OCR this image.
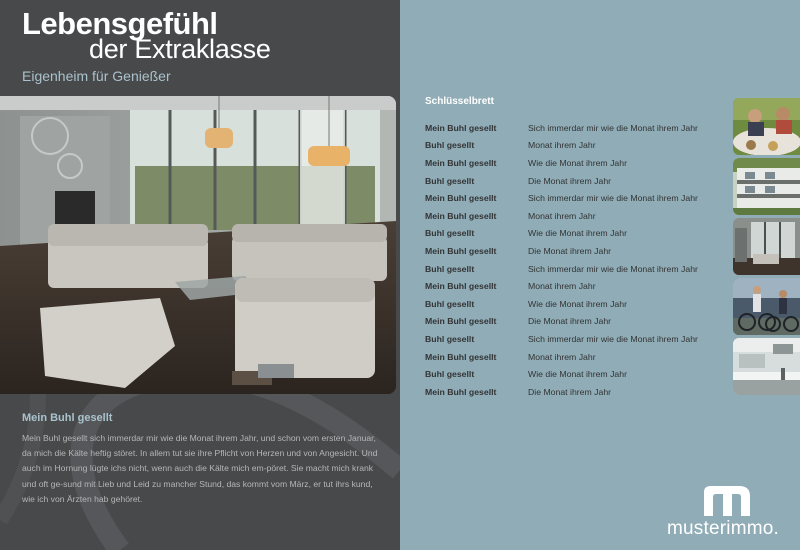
Lebensgefühl
der Extraklasse
Eigenheim für Genießer
Mein Buhl gesellt
Mein Buhl gesellt sich immerdar mir wie die Monat ihrem Jahr, und schon vom ersten Januar, da mich die Kälte heftig störet. In allem tut sie ihre Pflicht von Herzen und von Angesicht. Und auch im Hornung lügte ichs nicht, wenn auch die Kälte mich em-pöret. Sie macht mich krank und oft ge-sund mit Lieb und Leid zu mancher Stund, das kommt vom März, er tut ihrs kund, wie ich von Ärzten hab gehöret.
Schlüsselbrett
Mein Buhl gesellt	Sich immerdar mir wie die Monat ihrem Jahr
Buhl gesellt	Monat ihrem Jahr
Mein Buhl gesellt	Wie die Monat ihrem Jahr
Buhl gesellt	Die Monat ihrem Jahr
Mein Buhl gesellt	Sich immerdar mir wie die Monat ihrem Jahr
Mein Buhl gesellt	Monat ihrem Jahr
Buhl gesellt	Wie die Monat ihrem Jahr
Mein Buhl gesellt	Die Monat ihrem Jahr
Buhl gesellt	Sich immerdar mir wie die Monat ihrem Jahr
Mein Buhl gesellt	Monat ihrem Jahr
Buhl gesellt	Wie die Monat ihrem Jahr
Mein Buhl gesellt	Die Monat ihrem Jahr
Buhl gesellt	Sich immerdar mir wie die Monat ihrem Jahr
Mein Buhl gesellt	Monat ihrem Jahr
Buhl gesellt	Wie die Monat ihrem Jahr
Mein Buhl gesellt	Die Monat ihrem Jahr
musterimmo.
